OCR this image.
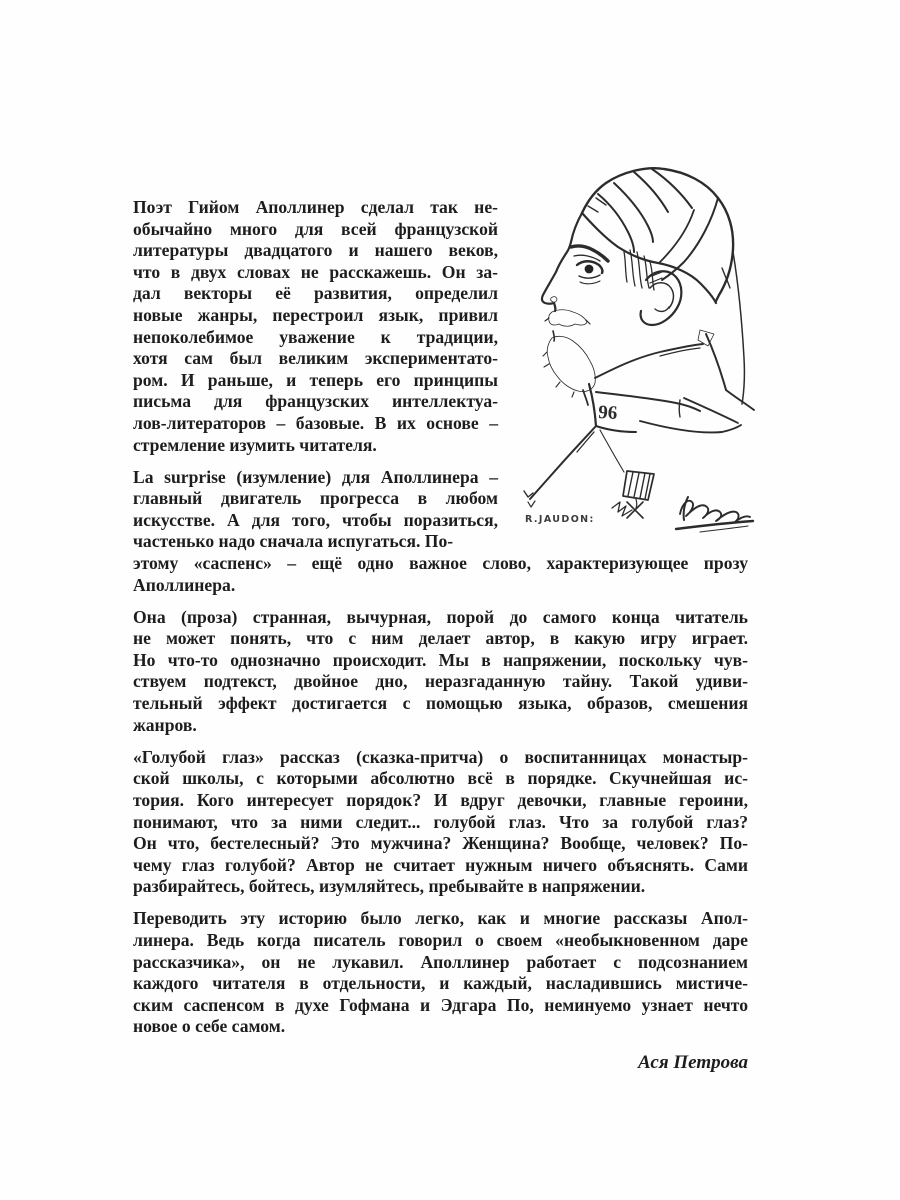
Поэт Гийом Аполлинер сделал так не-
обычайно много для всей французской
литературы двадцатого и нашего веков,
что в двух словах не расскажешь. Он за-
дал векторы её развития, определил
новые жанры, перестроил язык, привил
непоколебимое уважение к традиции,
хотя сам был великим экспериментато-
ром. И раньше, и теперь его принципы
письма для французских интеллектуа-
лов-литераторов – базовые. В их основе –
стремление изумить читателя.
La surprise (изумление) для Аполлинера –
главный двигатель прогресса в любом
искусстве. А для того, чтобы поразиться,
частенько надо сначала испугаться. По-
этому «саспенс» – ещё одно важное слово, характеризующее прозу
Аполлинера.
Она (проза) странная, вычурная, порой до самого конца читатель
не может понять, что с ним делает автор, в какую игру играет.
Но что-то однозначно происходит. Мы в напряжении, поскольку чув-
ствуем подтекст, двойное дно, неразгаданную тайну. Такой удиви-
тельный эффект достигается с помощью языка, образов, смешения
жанров.
«Голубой глаз» рассказ (сказка-притча) о воспитанницах монастыр-
ской школы, с которыми абсолютно всё в порядке. Скучнейшая ис-
тория. Кого интересует порядок? И вдруг девочки, главные героини,
понимают, что за ними следит... голубой глаз. Что за голубой глаз?
Он что, бестелесный? Это мужчина? Женщина? Вообще, человек? По-
чему глаз голубой? Автор не считает нужным ничего объяснять. Сами
разбирайтесь, бойтесь, изумляйтесь, пребывайте в напряжении.
Переводить эту историю было легко, как и многие рассказы Апол-
линера. Ведь когда писатель говорил о своем «необыкновенном даре
рассказчика», он не лукавил. Аполлинер работает с подсознанием
каждого читателя в отдельности, и каждый, насладившись мистиче-
ским саспенсом в духе Гофмана и Эдгара По, неминуемо узнает нечто
новое о себе самом.
Ася Петрова
96
R.JAUDON:
